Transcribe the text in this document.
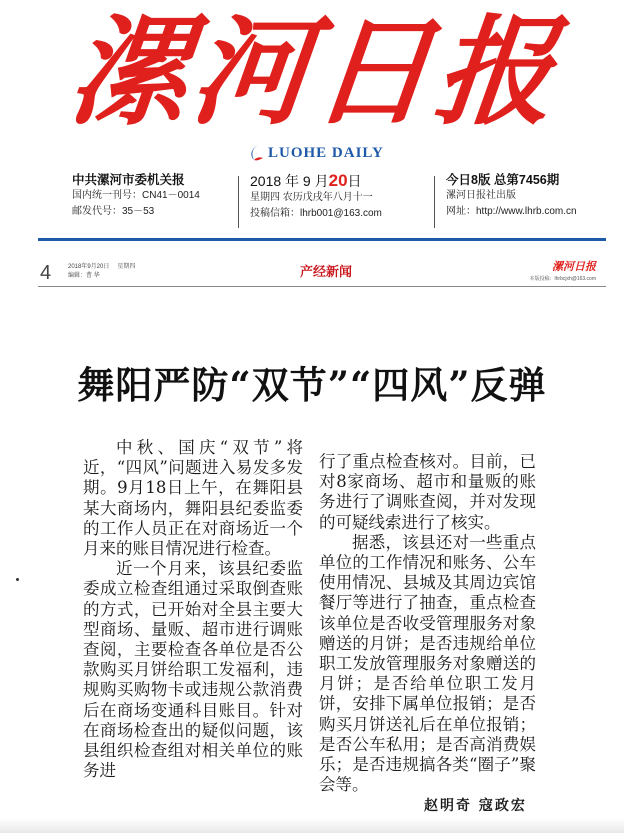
漯河日报
LUOHE DAILY
中共漯河市委机关报
国内统一刊号：CN41－0014
邮发代号：35－53
2018 年 9 月20日
星期四 农历戊戌年八月十一
投稿信箱：lhrb001@163.com
今日8版 总第7456期
漯河日报社出版
网址：http://www.lhrb.com.cn
4	2018年9月20日 星期四
编辑：曹 华	产经新闻	漯河日报
本版投稿：lhrbcjxh@163.com
舞阳严防“双节”“四风”反弹

中秋、国庆“双节”将近，“四风”问题进入易发多发期。9月18日上午，在舞阳县某大商场内，舞阳县纪委监委的工作人员正在对商场近一个月来的账目情况进行检查。

近一个月来，该县纪委监委成立检查组通过采取倒查账的方式，已开始对全县主要大型商场、量贩、超市进行调账查阅，主要检查各单位是否公款购买月饼给职工发福利，违规购买购物卡或违规公款消费后在商场变通科目账目。针对在商场检查出的疑似问题，该县组织检查组对相关单位的账务进

行了重点检查核对。目前，已对8家商场、超市和量贩的账务进行了调账查阅，并对发现的可疑线索进行了核实。

据悉，该县还对一些重点单位的工作情况和账务、公车使用情况、县城及其周边宾馆餐厅等进行了抽查，重点检查该单位是否收受管理服务对象赠送的月饼；是否违规给单位职工发放管理服务对象赠送的月饼；是否给单位职工发月饼，安排下属单位报销；是否购买月饼送礼后在单位报销；是否公车私用；是否高消费娱乐；是否违规搞各类“圈子”聚会等。

赵明奇 寇政宏
